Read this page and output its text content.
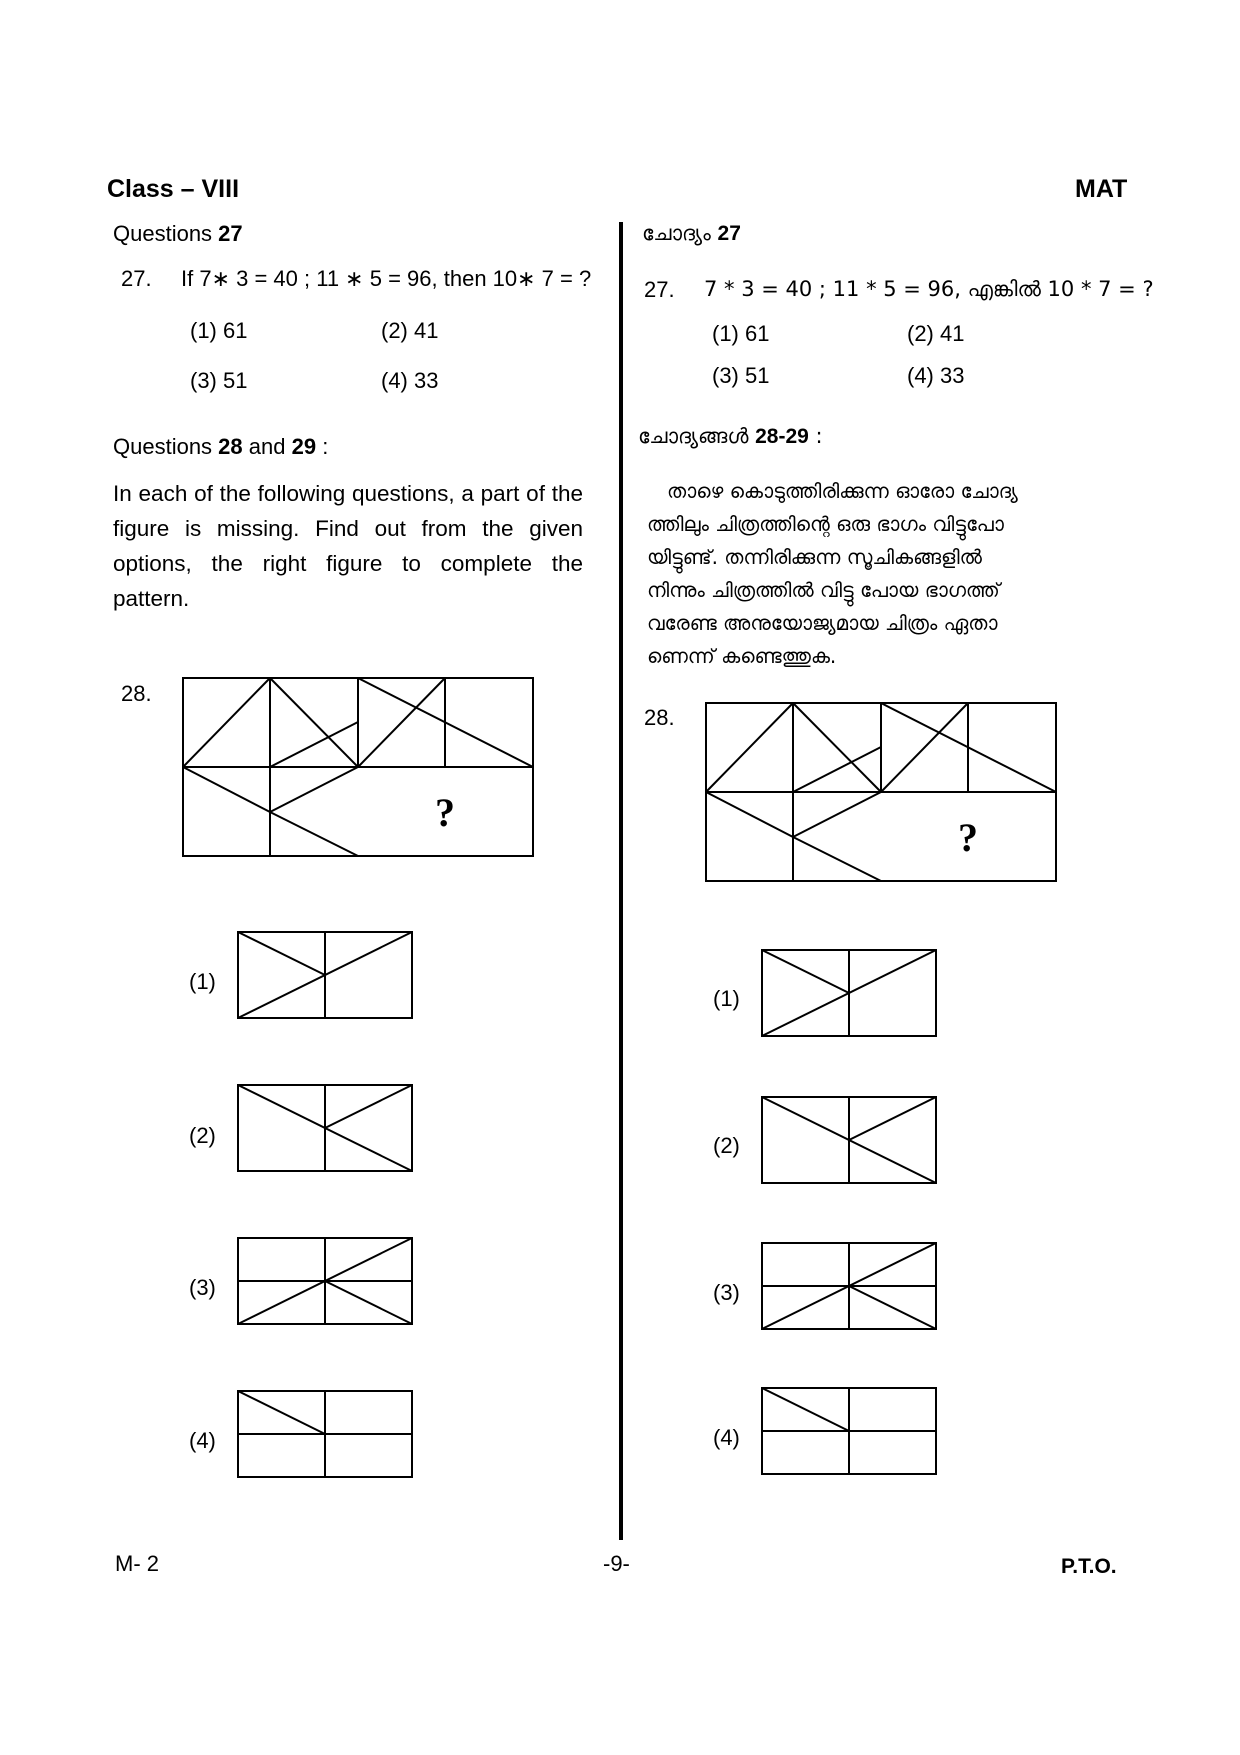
Class – VIII	MAT
Questions 27
27. If 7∗ 3 = 40 ; 11 ∗ 5 = 96, then 10∗ 7 = ?
(1) 61	(2) 41
(3) 51	(4) 33
Questions 28 and 29 :
In each of the following questions, a part of the figure is missing. Find out from the given options, the right figure to complete the pattern.
28.
?
(1)
(2)
(3)
(4)
ചോദ്യം 27
27. 7 * 3 = 40 ; 11 * 5 = 96, എങ്കിൽ 10 * 7 = ?
(1) 61	(2) 41
(3) 51	(4) 33
ചോദ്യങ്ങൾ 28-29 :
താഴെ കൊടുത്തിരിക്കുന്ന ഓരോ ചോദ്യ
ത്തിലും ചിത്രത്തിന്റെ ഒരു ഭാഗം വിട്ടുപോ
യിട്ടുണ്ട്. തന്നിരിക്കുന്ന സൂചികങ്ങളിൽ
നിന്നും ചിത്രത്തിൽ വിട്ടു പോയ ഭാഗത്ത്
വരേണ്ട അനുയോജ്യമായ ചിത്രം ഏതാ
ണെന്ന് കണ്ടെത്തുക.
28.
?
(1)
(2)
(3)
(4)
M- 2	-9-	P.T.O.
